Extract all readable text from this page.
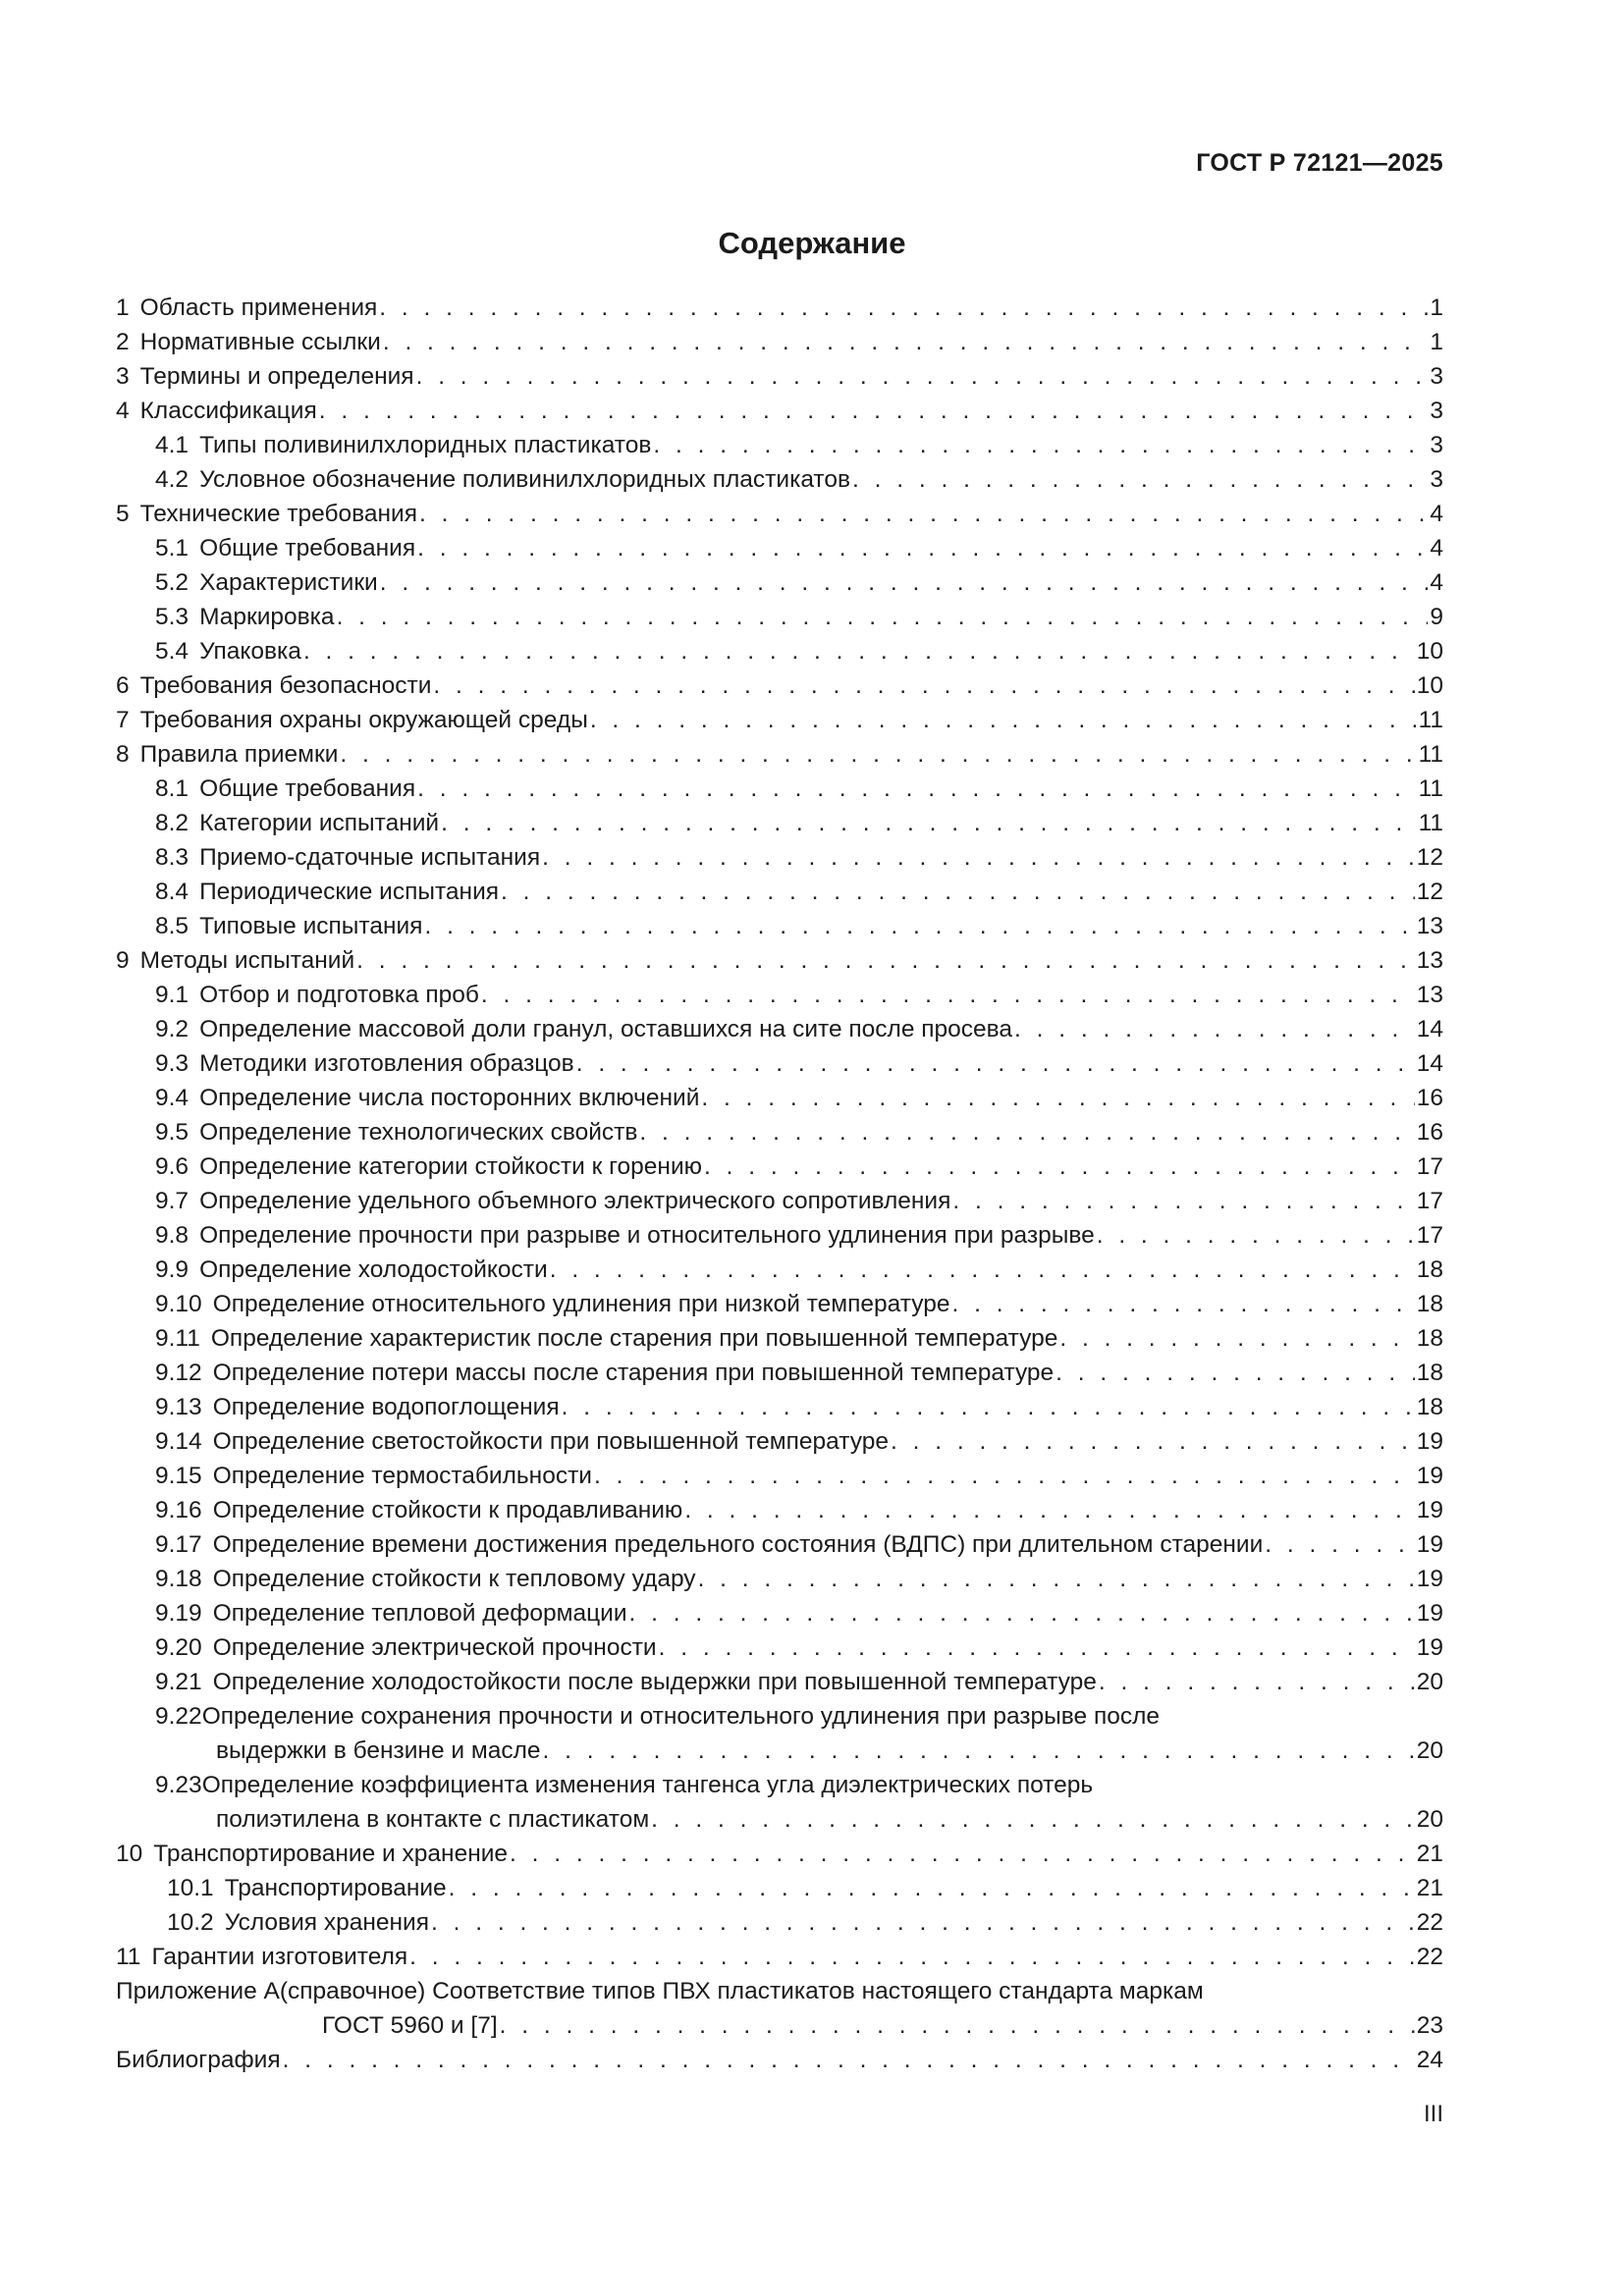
ГОСТ Р 72121—2025
Содержание
1 Область применения . . .	1
2 Нормативные ссылки . . .	1
3 Термины и определения . . .	3
4 Классификация . . .	3
4.1 Типы поливинилхлоридных пластикатов . . .	3
4.2 Условное обозначение поливинилхлоридных пластикатов . . .	3
5 Технические требования . . .	4
5.1 Общие требования . . .	4
5.2 Характеристики . . .	4
5.3 Маркировка . . .	9
5.4 Упаковка . . .	10
6 Требования безопасности . . .	10
7 Требования охраны окружающей среды . . .	11
8 Правила приемки . . .	11
8.1 Общие требования . . .	11
8.2 Категории испытаний . . .	11
8.3 Приемо-сдаточные испытания . . .	12
8.4 Периодические испытания . . .	12
8.5 Типовые испытания . . .	13
9 Методы испытаний . . .	13
9.1 Отбор и подготовка проб . . .	13
9.2 Определение массовой доли гранул, оставшихся на сите после просева . . .	14
9.3 Методики изготовления образцов . . .	14
9.4 Определение числа посторонних включений . . .	16
9.5 Определение технологических свойств . . .	16
9.6 Определение категории стойкости к горению . . .	17
9.7 Определение удельного объемного электрического сопротивления . . .	17
9.8 Определение прочности при разрыве и относительного удлинения при разрыве . . .	17
9.9 Определение холодостойкости . . .	18
9.10 Определение относительного удлинения при низкой температуре . . .	18
9.11 Определение характеристик после старения при повышенной температуре . . .	18
9.12 Определение потери массы после старения при повышенной температуре . . .	18
9.13 Определение водопоглощения . . .	18
9.14 Определение светостойкости при повышенной температуре . . .	19
9.15 Определение термостабильности . . .	19
9.16 Определение стойкости к продавливанию . . .	19
9.17 Определение времени достижения предельного состояния (ВДПС) при длительном старении . . .	19
9.18 Определение стойкости к тепловому удару . . .	19
9.19 Определение тепловой деформации . . .	19
9.20 Определение электрической прочности . . .	19
9.21 Определение холодостойкости после выдержки при повышенной температуре . . .	20
9.22Определение сохранения прочности и относительного удлинения при разрыве после
выдержки в бензине и масле . . .	20
9.23Определение коэффициента изменения тангенса угла диэлектрических потерь
полиэтилена в контакте с пластикатом . . .	20
10 Транспортирование и хранение . . .	21
10.1 Транспортирование . . .	21
10.2 Условия хранения . . .	22
11 Гарантии изготовителя . . .	22
Приложение А(справочное) Соответствие типов ПВХ пластикатов настоящего стандарта маркам
ГОСТ 5960 и [7] . . .	23
Библиография . . .	24
III
